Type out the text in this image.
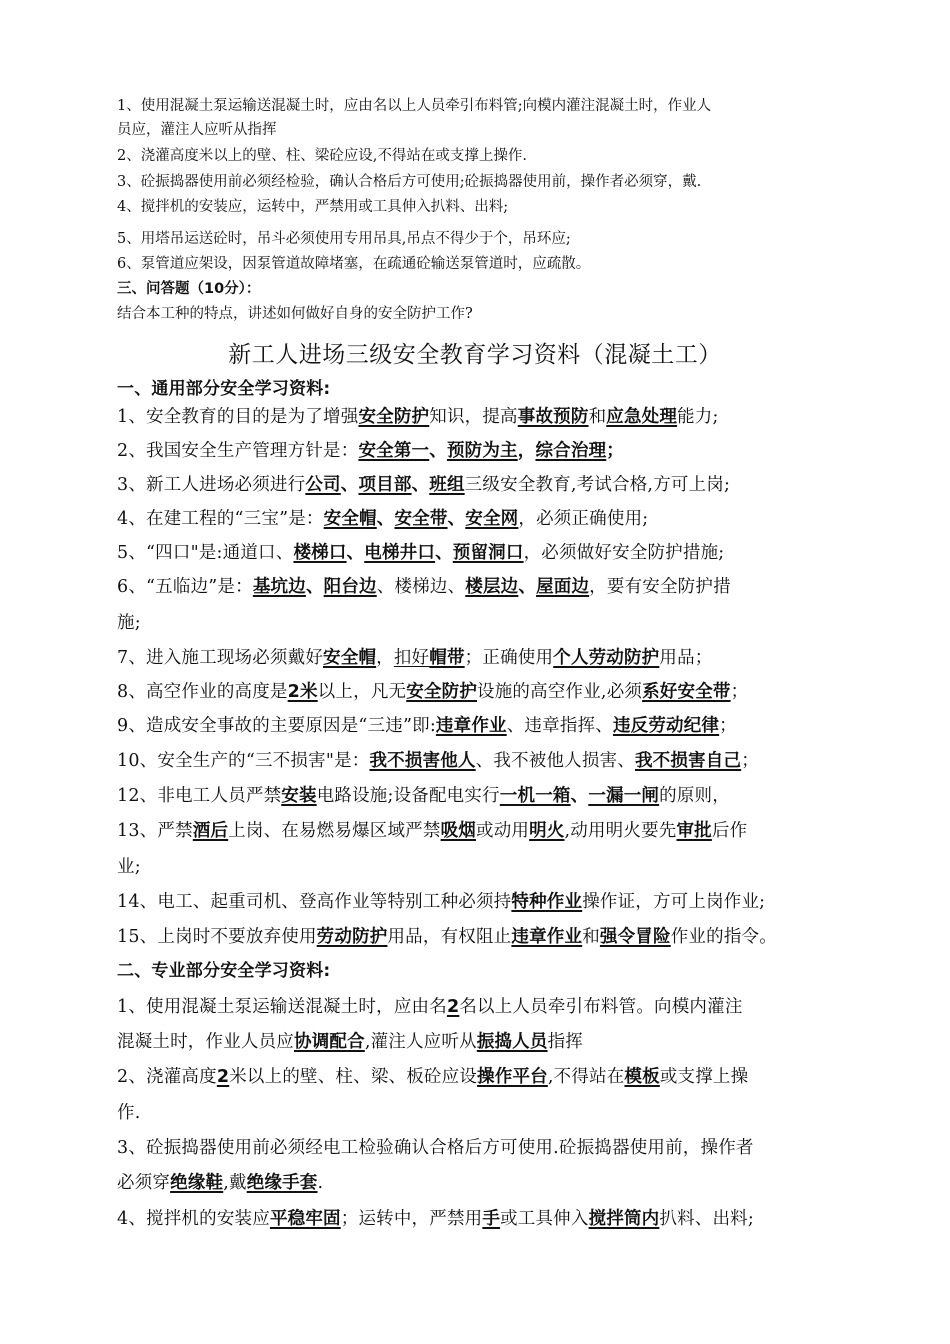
1、使用混凝土泵运输送混凝土时，应由名以上人员牵引布料管;向模内灌注混凝土时，作业人
员应，灌注人应听从指挥
2、浇灌高度米以上的壁、柱、梁砼应设,不得站在或支撑上操作.
3、砼振捣器使用前必须经检验，确认合格后方可使用;砼振捣器使用前，操作者必须穿，戴.
4、搅拌机的安装应，运转中，严禁用或工具伸入扒料、出料;
5、用塔吊运送砼时，吊斗必须使用专用吊具,吊点不得少于个，吊环应;
6、泵管道应架设，因泵管道故障堵塞，在疏通砼输送泵管道时，应疏散。
三、问答题（10分）：
结合本工种的特点，讲述如何做好自身的安全防护工作?
新工人进场三级安全教育学习资料（混凝土工）
一、通用部分安全学习资料:
1、安全教育的目的是为了增强安全防护知识，提高事故预防和应急处理能力;
2、我国安全生产管理方针是：安全第一、预防为主，综合治理；
3、新工人进场必须进行公司、项目部、班组三级安全教育,考试合格,方可上岗;
4、在建工程的“三宝”是：安全帽、安全带、安全网，必须正确使用;
5、“四口"是:通道口、楼梯口、电梯井口、预留洞口，必须做好安全防护措施;
6、“五临边”是：基坑边、阳台边、楼梯边、楼层边、屋面边，要有安全防护措
施;
7、进入施工现场必须戴好安全帽，扣好帽带；正确使用个人劳动防护用品；
8、高空作业的高度是2米以上，凡无安全防护设施的高空作业,必须系好安全带；
9、造成安全事故的主要原因是“三违”即:违章作业、违章指挥、违反劳动纪律；
10、安全生产的“三不损害"是：我不损害他人、我不被他人损害、我不损害自己；
12、非电工人员严禁安装电路设施;设备配电实行一机一箱、一漏一闸的原则，
13、严禁酒后上岗、在易燃易爆区域严禁吸烟或动用明火,动用明火要先审批后作
业;
14、电工、起重司机、登高作业等特别工种必须持特种作业操作证，方可上岗作业;
15、上岗时不要放弃使用劳动防护用品，有权阻止违章作业和强令冒险作业的指令。
二、专业部分安全学习资料:
1、使用混凝土泵运输送混凝土时，应由名2名以上人员牵引布料管。向模内灌注
混凝土时，作业人员应协调配合,灌注人应听从振捣人员指挥
2、浇灌高度2米以上的壁、柱、梁、板砼应设操作平台,不得站在模板或支撑上操
作.
3、砼振捣器使用前必须经电工检验确认合格后方可使用.砼振捣器使用前，操作者
必须穿绝缘鞋,戴绝缘手套.
4、搅拌机的安装应平稳牢固；运转中，严禁用手或工具伸入搅拌筒内扒料、出料;
